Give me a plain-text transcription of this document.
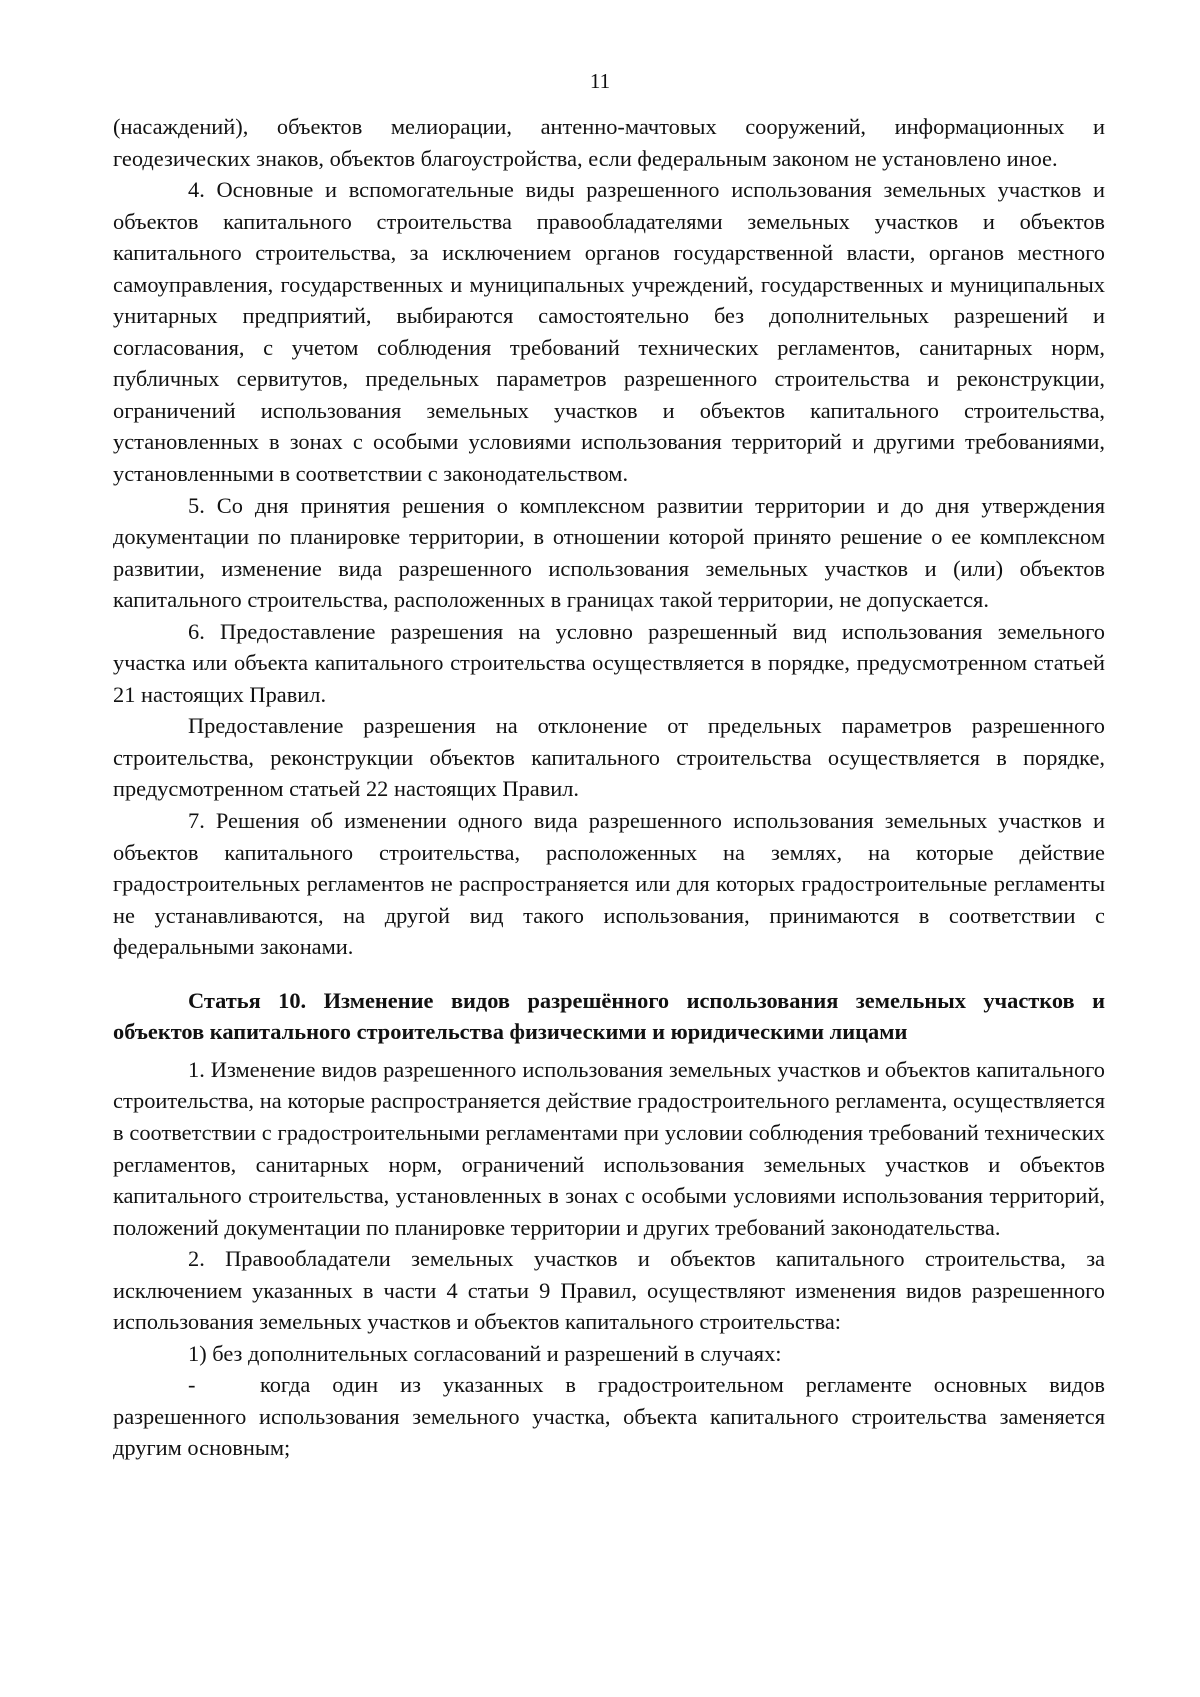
11

(насаждений), объектов мелиорации, антенно-мачтовых сооружений, информационных и геодезических знаков, объектов благоустройства, если федеральным законом не установлено иное.

4. Основные и вспомогательные виды разрешенного использования земельных участков и объектов капитального строительства правообладателями земельных участков и объектов капитального строительства, за исключением органов государственной власти, органов местного самоуправления, государственных и муниципальных учреждений, государственных и муниципальных унитарных предприятий, выбираются самостоятельно без дополнительных разрешений и согласования, с учетом соблюдения требований технических регламентов, санитарных норм, публичных сервитутов, предельных параметров разрешенного строительства и реконструкции, ограничений использования земельных участков и объектов капитального строительства, установленных в зонах с особыми условиями использования территорий и другими требованиями, установленными в соответствии с законодательством.

5. Со дня принятия решения о комплексном развитии территории и до дня утверждения документации по планировке территории, в отношении которой принято решение о ее комплексном развитии, изменение вида разрешенного использования земельных участков и (или) объектов капитального строительства, расположенных в границах такой территории, не допускается.

6. Предоставление разрешения на условно разрешенный вид использования земельного участка или объекта капитального строительства осуществляется в порядке, предусмотренном статьей 21 настоящих Правил.

Предоставление разрешения на отклонение от предельных параметров разрешенного строительства, реконструкции объектов капитального строительства осуществляется в порядке, предусмотренном статьей 22 настоящих Правил.

7. Решения об изменении одного вида разрешенного использования земельных участков и объектов капитального строительства, расположенных на землях, на которые действие градостроительных регламентов не распространяется или для которых градостроительные регламенты не устанавливаются, на другой вид такого использования, принимаются в соответствии с федеральными законами.

Статья 10. Изменение видов разрешённого использования земельных участков и объектов капитального строительства физическими и юридическими лицами

1. Изменение видов разрешенного использования земельных участков и объектов капитального строительства, на которые распространяется действие градостроительного регламента, осуществляется в соответствии с градостроительными регламентами при условии соблюдения требований технических регламентов, санитарных норм, ограничений использования земельных участков и объектов капитального строительства, установленных в зонах с особыми условиями использования территорий, положений документации по планировке территории и других требований законодательства.

2. Правообладатели земельных участков и объектов капитального строительства, за исключением указанных в части 4 статьи 9 Правил, осуществляют изменения видов разрешенного использования земельных участков и объектов капитального строительства:

1) без дополнительных согласований и разрешений в случаях:

-	когда один из указанных в градостроительном регламенте основных видов разрешенного использования земельного участка, объекта капитального строительства заменяется другим основным;
